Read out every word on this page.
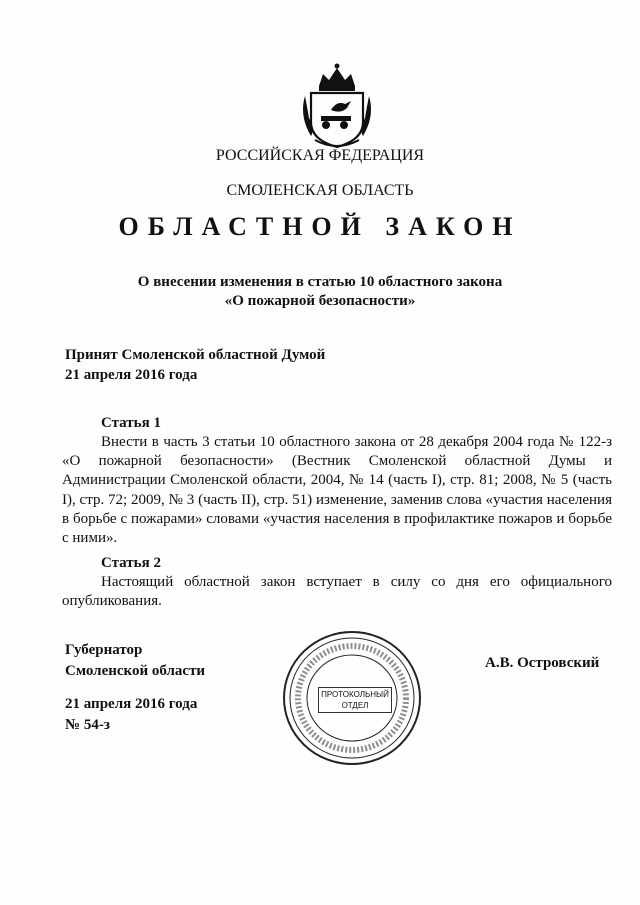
РОССИЙСКАЯ ФЕДЕРАЦИЯ
СМОЛЕНСКАЯ ОБЛАСТЬ
ОБЛАСТНОЙ ЗАКОН
О внесении изменения в статью 10 областного закона
«О пожарной безопасности»
Принят Смоленской областной Думой
21 апреля 2016 года
Статья 1
Внести в часть 3 статьи 10 областного закона от 28 декабря 2004 года № 122-з «О пожарной безопасности» (Вестник Смоленской областной Думы и Администрации Смоленской области, 2004, № 14 (часть I), стр. 81; 2008, № 5 (часть I), стр. 72; 2009, № 3 (часть II), стр. 51) изменение, заменив слова «участия населения в борьбе с пожарами» словами «участия населения в профилактике пожаров и борьбе с ними».
Статья 2
Настоящий областной закон вступает в силу со дня его официального опубликования.
Губернатор
Смоленской области
21 апреля 2016 года
№ 54-з
А.В. Островский
ПРОТОКОЛЬНЫЙ
ОТДЕЛ
